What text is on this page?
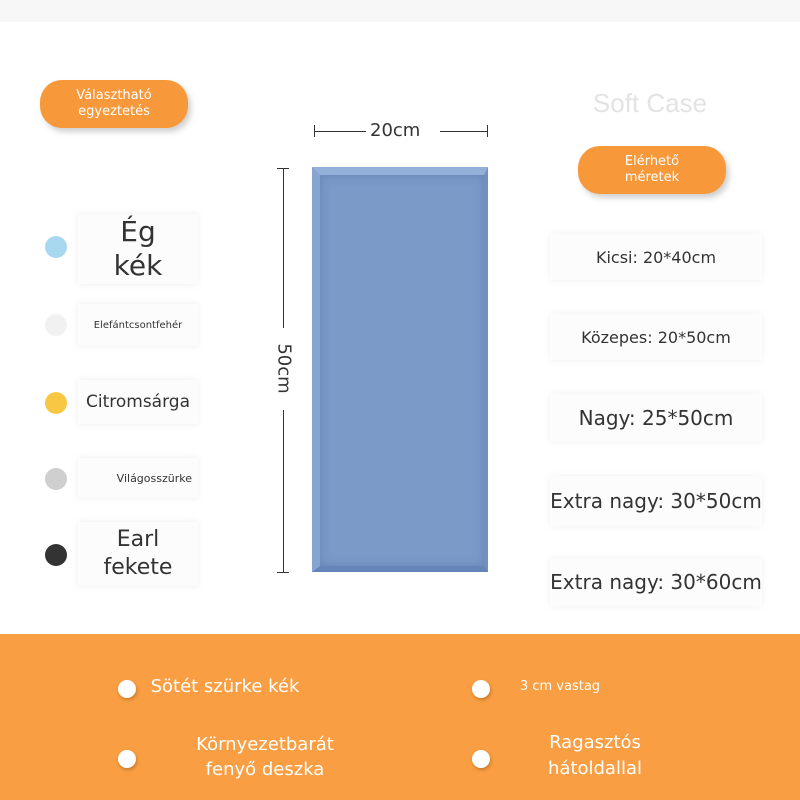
Választható
egyeztetés	Soft Case
Elérhető
méretek
20cm
50cm
Ég
kék
Elefántcsontfehér
Citromsárga
Világosszürke
Earl
fekete
Kicsi: 20*40cm
Közepes: 20*50cm
Nagy: 25*50cm
Extra nagy: 30*50cm
Extra nagy: 30*60cm
Sötét szürke kék	3 cm vastag
Környezetbarát
fenyő deszka
Ragasztós
hátoldallal
